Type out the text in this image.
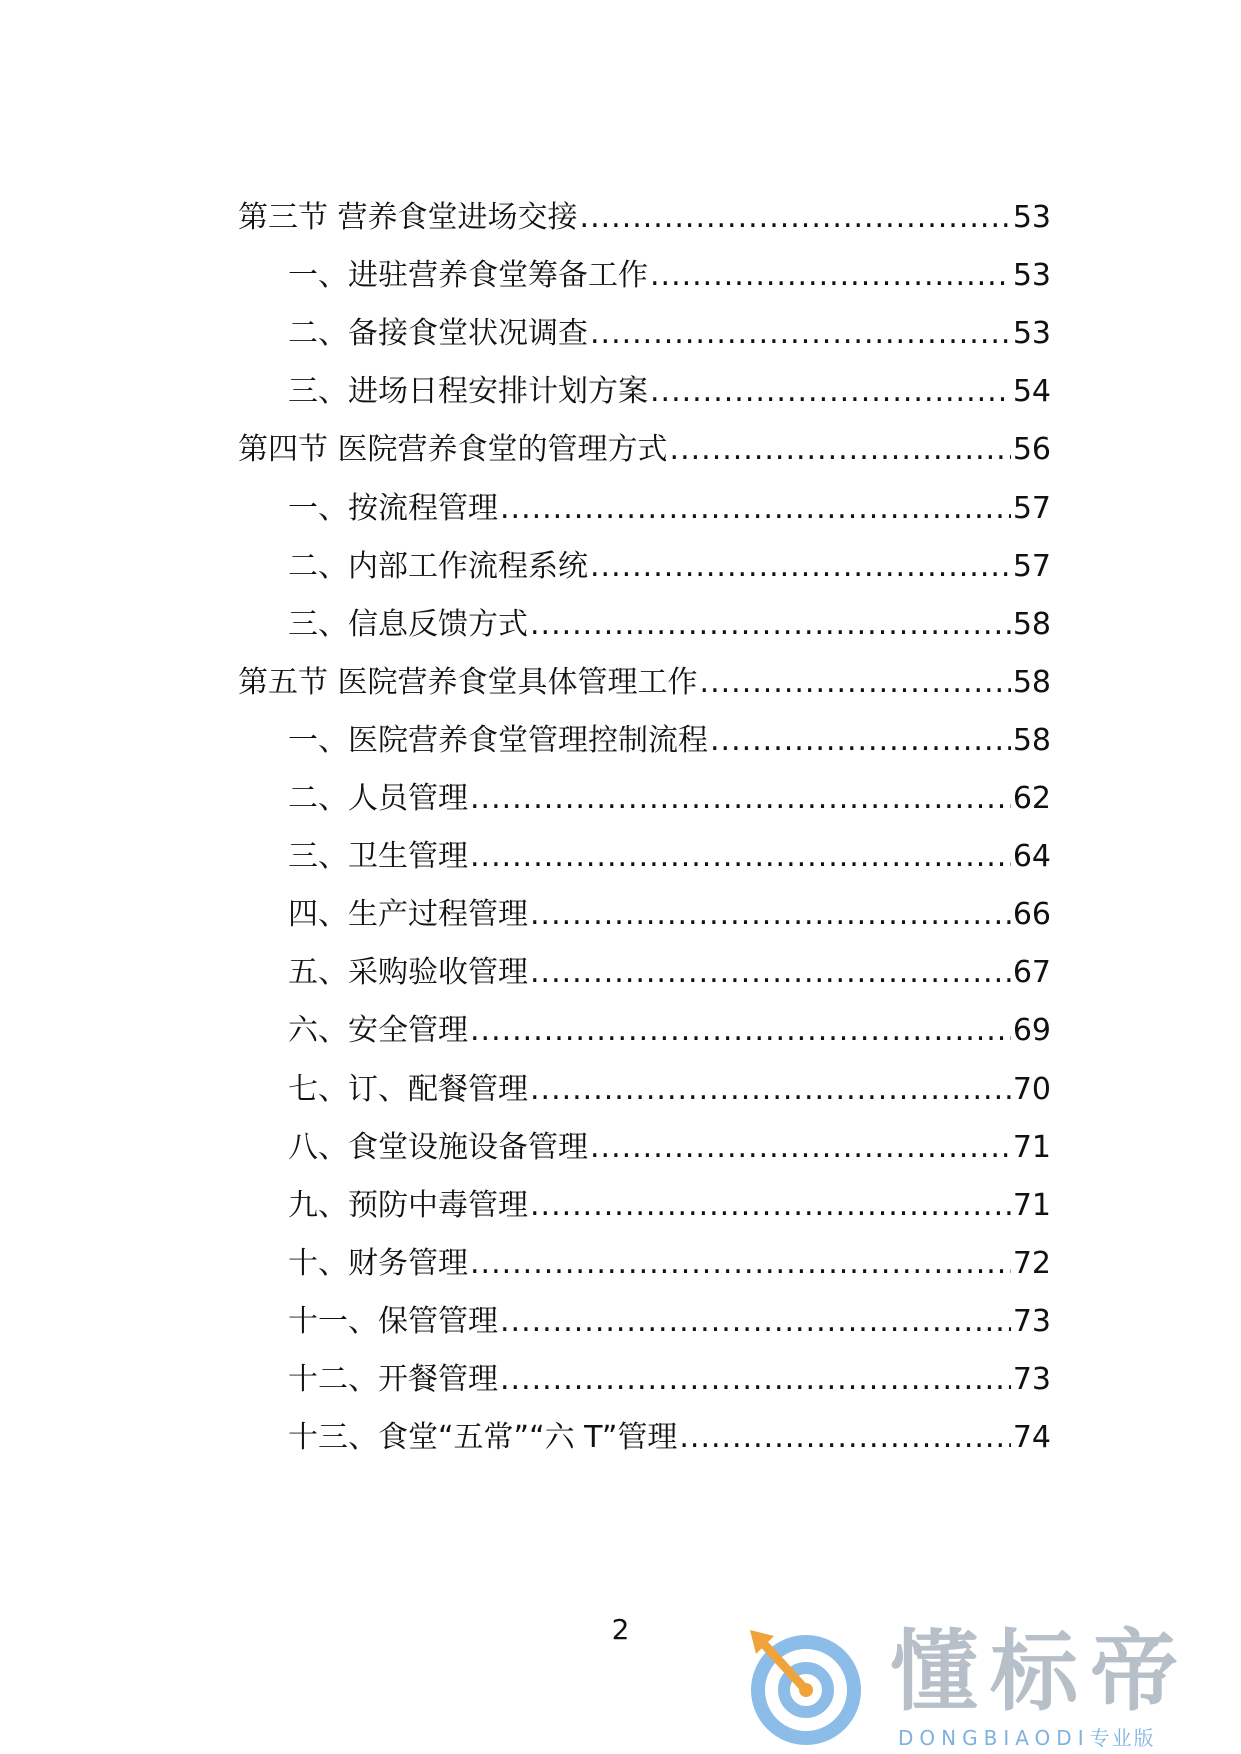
第三节 营养食堂进场交接 .....	53
一、进驻营养食堂筹备工作 .....	53
二、备接食堂状况调查 .....	53
三、进场日程安排计划方案 .....	54
第四节 医院营养食堂的管理方式 .....	56
一、按流程管理 .....	57
二、内部工作流程系统 .....	57
三、信息反馈方式 .....	58
第五节 医院营养食堂具体管理工作 .....	58
一、医院营养食堂管理控制流程 .....	58
二、人员管理 .....	62
三、卫生管理 .....	64
四、生产过程管理 .....	66
五、采购验收管理 .....	67
六、安全管理 .....	69
七、订、配餐管理 .....	70
八、食堂设施设备管理 .....	71
九、预防中毒管理 .....	71
十、财务管理 .....	72
十一、保管管理 .....	73
十二、开餐管理 .....	73
十三、食堂“五常”“六 T”管理 .....	74
2	懂标帝
DONGBIAODI专业版
